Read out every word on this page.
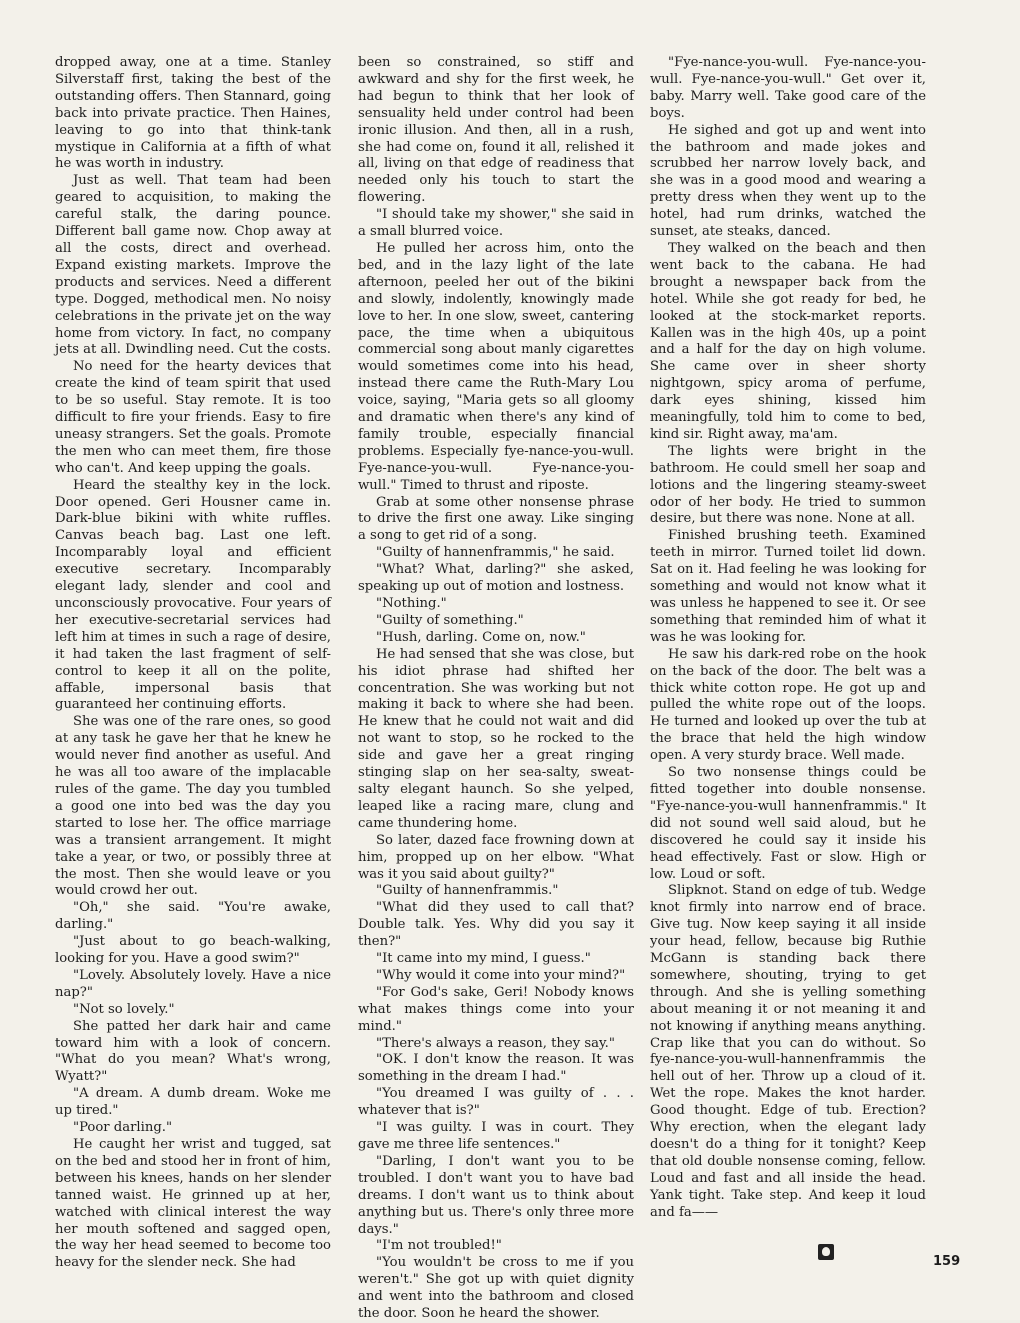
dropped away, one at a time. Stanley Silverstaff first, taking the best of the outstanding offers. Then Stannard, going back into private practice. Then Haines, leaving to go into that think-tank mystique in California at a fifth of what he was worth in industry.

Just as well. That team had been geared to acquisition, to making the careful stalk, the daring pounce. Different ball game now. Chop away at all the costs, direct and overhead. Expand existing markets. Improve the products and services. Need a different type. Dogged, methodical men. No noisy celebrations in the private jet on the way home from victory. In fact, no company jets at all. Dwindling need. Cut the costs.

No need for the hearty devices that create the kind of team spirit that used to be so useful. Stay remote. It is too difficult to fire your friends. Easy to fire uneasy strangers. Set the goals. Promote the men who can meet them, fire those who can't. And keep upping the goals.

Heard the stealthy key in the lock. Door opened. Geri Housner came in. Dark-blue bikini with white ruffles. Canvas beach bag. Last one left. Incomparably loyal and efficient executive secretary. Incomparably elegant lady, slender and cool and unconsciously provocative. Four years of her executive-secretarial services had left him at times in such a rage of desire, it had taken the last fragment of self-control to keep it all on the polite, affable, impersonal basis that guaranteed her continuing efforts.

She was one of the rare ones, so good at any task he gave her that he knew he would never find another as useful. And he was all too aware of the implacable rules of the game. The day you tumbled a good one into bed was the day you started to lose her. The office marriage was a transient arrangement. It might take a year, or two, or possibly three at the most. Then she would leave or you would crowd her out.

"Oh," she said. "You're awake, darling."

"Just about to go beach-walking, looking for you. Have a good swim?"

"Lovely. Absolutely lovely. Have a nice nap?"

"Not so lovely."

She patted her dark hair and came toward him with a look of concern. "What do you mean? What's wrong, Wyatt?"

"A dream. A dumb dream. Woke me up tired."

"Poor darling."

He caught her wrist and tugged, sat on the bed and stood her in front of him, between his knees, hands on her slender tanned waist. He grinned up at her, watched with clinical interest the way her mouth softened and sagged open, the way her head seemed to become too heavy for the slender neck. She had

been so constrained, so stiff and awkward and shy for the first week, he had begun to think that her look of sensuality held under control had been ironic illusion. And then, all in a rush, she had come on, found it all, relished it all, living on that edge of readiness that needed only his touch to start the flowering.

"I should take my shower," she said in a small blurred voice.

He pulled her across him, onto the bed, and in the lazy light of the late afternoon, peeled her out of the bikini and slowly, indolently, knowingly made love to her. In one slow, sweet, cantering pace, the time when a ubiquitous commercial song about manly cigarettes would sometimes come into his head, instead there came the Ruth-Mary Lou voice, saying, "Maria gets so all gloomy and dramatic when there's any kind of family trouble, especially financial problems. Especially fye-nance-you-wull. Fye-nance-you-wull. Fye-nance-you-wull." Timed to thrust and riposte.

Grab at some other nonsense phrase to drive the first one away. Like singing a song to get rid of a song.

"Guilty of hannenframmis," he said.

"What? What, darling?" she asked, speaking up out of motion and lostness.

"Nothing."

"Guilty of something."

"Hush, darling. Come on, now."

He had sensed that she was close, but his idiot phrase had shifted her concentration. She was working but not making it back to where she had been. He knew that he could not wait and did not want to stop, so he rocked to the side and gave her a great ringing stinging slap on her sea-salty, sweat-salty elegant haunch. So she yelped, leaped like a racing mare, clung and came thundering home.

So later, dazed face frowning down at him, propped up on her elbow. "What was it you said about guilty?"

"Guilty of hannenframmis."

"What did they used to call that? Double talk. Yes. Why did you say it then?"

"It came into my mind, I guess."

"Why would it come into your mind?"

"For God's sake, Geri! Nobody knows what makes things come into your mind."

"There's always a reason, they say."

"OK. I don't know the reason. It was something in the dream I had."

"You dreamed I was guilty of . . . whatever that is?"

"I was guilty. I was in court. They gave me three life sentences."

"Darling, I don't want you to be troubled. I don't want you to have bad dreams. I don't want us to think about anything but us. There's only three more days."

"I'm not troubled!"

"You wouldn't be cross to me if you weren't." She got up with quiet dignity and went into the bathroom and closed the door. Soon he heard the shower.

"Fye-nance-you-wull. Fye-nance-you-wull. Fye-nance-you-wull." Get over it, baby. Marry well. Take good care of the boys.

He sighed and got up and went into the bathroom and made jokes and scrubbed her narrow lovely back, and she was in a good mood and wearing a pretty dress when they went up to the hotel, had rum drinks, watched the sunset, ate steaks, danced.

They walked on the beach and then went back to the cabana. He had brought a newspaper back from the hotel. While she got ready for bed, he looked at the stock-market reports. Kallen was in the high 40s, up a point and a half for the day on high volume. She came over in sheer shorty nightgown, spicy aroma of perfume, dark eyes shining, kissed him meaningfully, told him to come to bed, kind sir. Right away, ma'am.

The lights were bright in the bathroom. He could smell her soap and lotions and the lingering steamy-sweet odor of her body. He tried to summon desire, but there was none. None at all.

Finished brushing teeth. Examined teeth in mirror. Turned toilet lid down. Sat on it. Had feeling he was looking for something and would not know what it was unless he happened to see it. Or see something that reminded him of what it was he was looking for.

He saw his dark-red robe on the hook on the back of the door. The belt was a thick white cotton rope. He got up and pulled the white rope out of the loops. He turned and looked up over the tub at the brace that held the high window open. A very sturdy brace. Well made.

So two nonsense things could be fitted together into double nonsense. "Fye-nance-you-wull hannenframmis." It did not sound well said aloud, but he discovered he could say it inside his head effectively. Fast or slow. High or low. Loud or soft.

Slipknot. Stand on edge of tub. Wedge knot firmly into narrow end of brace. Give tug. Now keep saying it all inside your head, fellow, because big Ruthie McGann is standing back there somewhere, shouting, trying to get through. And she is yelling something about meaning it or not meaning it and not knowing if anything means anything. Crap like that you can do without. So fye-nance-you-wull-hannenframmis the hell out of her. Throw up a cloud of it. Wet the rope. Makes the knot harder. Good thought. Edge of tub. Erection? Why erection, when the elegant lady doesn't do a thing for it tonight? Keep that old double nonsense coming, fellow. Loud and fast and all inside the head. Yank tight. Take step. And keep it loud and fa——

159
